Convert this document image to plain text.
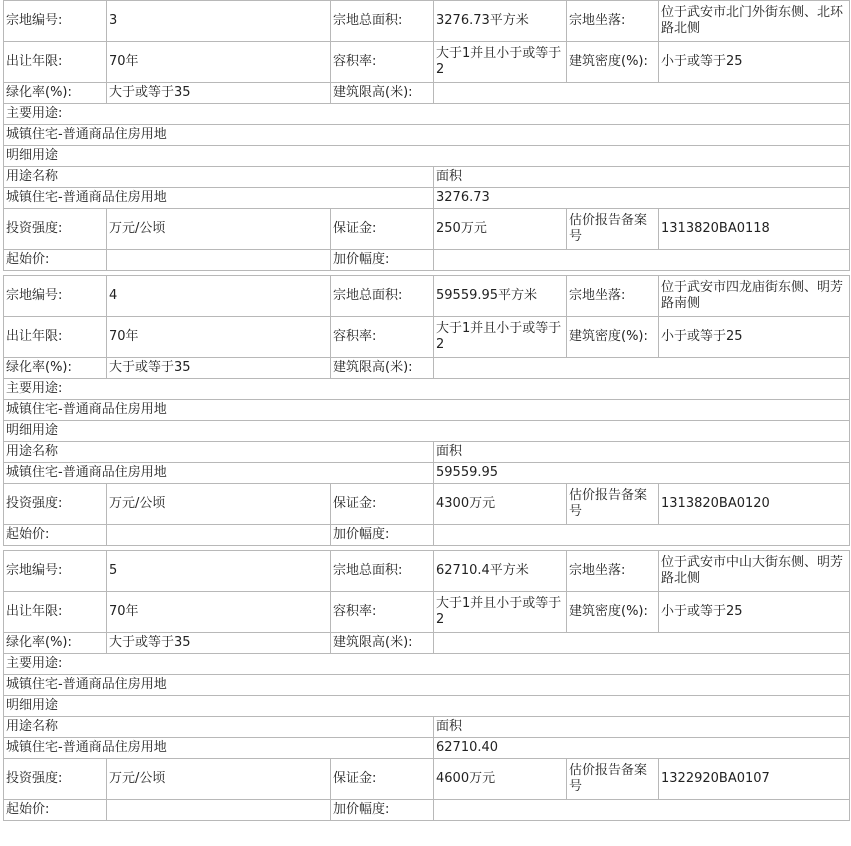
宗地编号:	3	宗地总面积:	3276.73平方米	宗地坐落:	位于武安市北门外街东侧、北环路北侧
出让年限:	70年	容积率:	大于1并且小于或等于2	建筑密度(%):	小于或等于25
绿化率(%):	大于或等于35	建筑限高(米):	
主要用途:
城镇住宅-普通商品住房用地
明细用途
用途名称	面积
城镇住宅-普通商品住房用地	3276.73
投资强度:	万元/公顷	保证金:	250万元	估价报告备案号	1313820BA0118
起始价:		加价幅度:	
宗地编号:	4	宗地总面积:	59559.95平方米	宗地坐落:	位于武安市四龙庙街东侧、明芳路南侧
出让年限:	70年	容积率:	大于1并且小于或等于2	建筑密度(%):	小于或等于25
绿化率(%):	大于或等于35	建筑限高(米):	
主要用途:
城镇住宅-普通商品住房用地
明细用途
用途名称	面积
城镇住宅-普通商品住房用地	59559.95
投资强度:	万元/公顷	保证金:	4300万元	估价报告备案号	1313820BA0120
起始价:		加价幅度:	
宗地编号:	5	宗地总面积:	62710.4平方米	宗地坐落:	位于武安市中山大街东侧、明芳路北侧
出让年限:	70年	容积率:	大于1并且小于或等于2	建筑密度(%):	小于或等于25
绿化率(%):	大于或等于35	建筑限高(米):	
主要用途:
城镇住宅-普通商品住房用地
明细用途
用途名称	面积
城镇住宅-普通商品住房用地	62710.40
投资强度:	万元/公顷	保证金:	4600万元	估价报告备案号	1322920BA0107
起始价:		加价幅度:	
